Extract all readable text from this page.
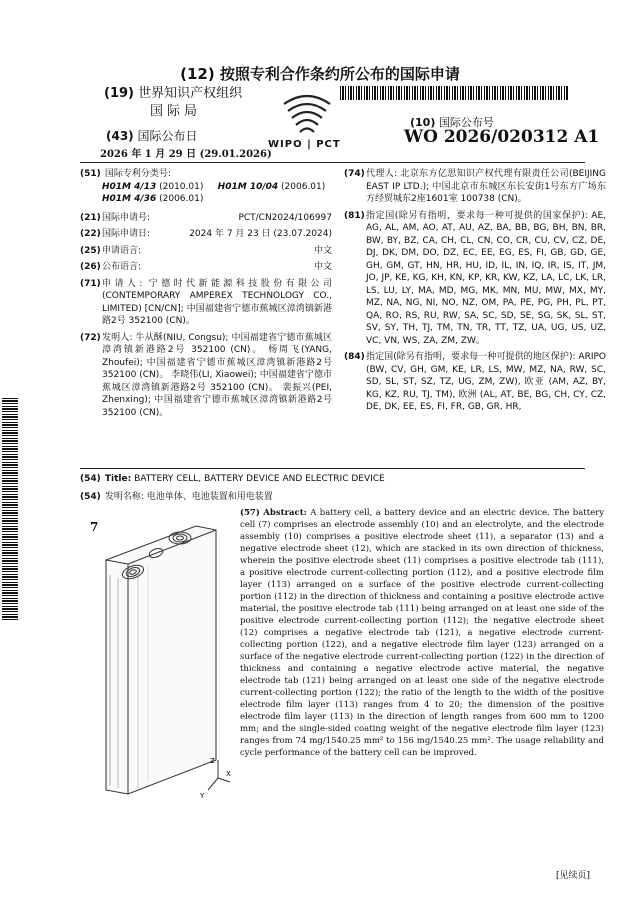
(12) 按照专利合作条约所公布的国际申请
(19) 世界知识产权组织
国际局
(43) 国际公布日
2026 年 1 月 29 日 (29.01.2026)
WIPO | PCT
(10) 国际公布号
WO 2026/020312 A1
(51) 国际专利分类号:
H01M 4/13 (2010.01) H01M 10/04 (2006.01)
H01M 4/36 (2006.01)
(21)国际申请号:	PCT/CN2024/106997
(22)国际申请日:	2024 年 7 月 23 日 (23.07.2024)
(25)申请语言:	中文
(26)公布语言:	中文
(71) 申请人: 宁德时代新能源科技股份有限公司 (CONTEMPORARY AMPEREX TECHNOLOGY CO., LIMITED) [CN/CN]; 中国福建省宁德市蕉城区漳湾镇新港路2号 352100 (CN)。
(72) 发明人: 牛从酥(NIU, Congsu); 中国福建省宁德市蕉城区漳湾镇新港路2号 352100 (CN)。 杨周飞(YANG, Zhoufei); 中国福建省宁德市蕉城区漳湾镇新港路2号 352100 (CN)。 李晓伟(LI, Xiaowei); 中国福建省宁德市蕉城区漳湾镇新港路2号 352100 (CN)。 裴振兴(PEI, Zhenxing); 中国福建省宁德市蕉城区漳湾镇新港路2号 352100 (CN)。
(74) 代理人: 北京东方亿思知识产权代理有限责任公司(BEIJING EAST IP LTD.); 中国北京市东城区东长安街1号东方广场东方经贸城东2座1601室 100738 (CN)。
(81) 指定国(除另有指明，要求每一种可提供的国家保护): AE, AG, AL, AM, AO, AT, AU, AZ, BA, BB, BG, BH, BN, BR, BW, BY, BZ, CA, CH, CL, CN, CO, CR, CU, CV, CZ, DE, DJ, DK, DM, DO, DZ, EC, EE, EG, ES, FI, GB, GD, GE, GH, GM, GT, HN, HR, HU, ID, IL, IN, IQ, IR, IS, IT, JM, JO, JP, KE, KG, KH, KN, KP, KR, KW, KZ, LA, LC, LK, LR, LS, LU, LY, MA, MD, MG, MK, MN, MU, MW, MX, MY, MZ, NA, NG, NI, NO, NZ, OM, PA, PE, PG, PH, PL, PT, QA, RO, RS, RU, RW, SA, SC, SD, SE, SG, SK, SL, ST, SV, SY, TH, TJ, TM, TN, TR, TT, TZ, UA, UG, US, UZ, VC, VN, WS, ZA, ZM, ZW。
(84) 指定国(除另有指明，要求每一种可提供的地区保护): ARIPO (BW, CV, GH, GM, KE, LR, LS, MW, MZ, NA, RW, SC, SD, SL, ST, SZ, TZ, UG, ZM, ZW), 欧亚 (AM, AZ, BY, KG, KZ, RU, TJ, TM), 欧洲 (AL, AT, BE, BG, CH, CY, CZ, DE, DK, EE, ES, FI, FR, GB, GR, HR,
(54) Title: BATTERY CELL, BATTERY DEVICE AND ELECTRIC DEVICE
(54) 发明名称: 电池单体、电池装置和用电装置
7
Z
Y
X
(57) Abstract: A battery cell, a battery device and an electric device. The battery cell (7) comprises an electrode assembly (10) and an electrolyte, and the electrode assembly (10) comprises a positive electrode sheet (11), a separator (13) and a negative electrode sheet (12), which are stacked in its own direction of thickness, wherein the positive electrode sheet (11) comprises a positive electrode tab (111), a positive electrode current-collecting portion (112), and a positive electrode film layer (113) arranged on a surface of the positive electrode current-collecting portion (112) in the direction of thickness and containing a positive electrode active material, the positive electrode tab (111) being arranged on at least one side of the positive electrode current-collecting portion (112); the negative electrode sheet (12) comprises a negative electrode tab (121), a negative electrode current-collecting portion (122), and a negative electrode film layer (123) arranged on a surface of the negative electrode current-collecting portion (122) in the direction of thickness and containing a negative electrode active material, the negative electrode tab (121) being arranged on at least one side of the negative electrode current-collecting portion (122); the ratio of the length to the width of the positive electrode film layer (113) ranges from 4 to 20; the dimension of the positive electrode film layer (113) in the direction of length ranges from 600 mm to 1200 mm; and the single-sided coating weight of the negative electrode film layer (123) ranges from 74 mg/1540.25 mm² to 156 mg/1540.25 mm². The usage reliability and cycle performance of the battery cell can be improved.
[见续页]
